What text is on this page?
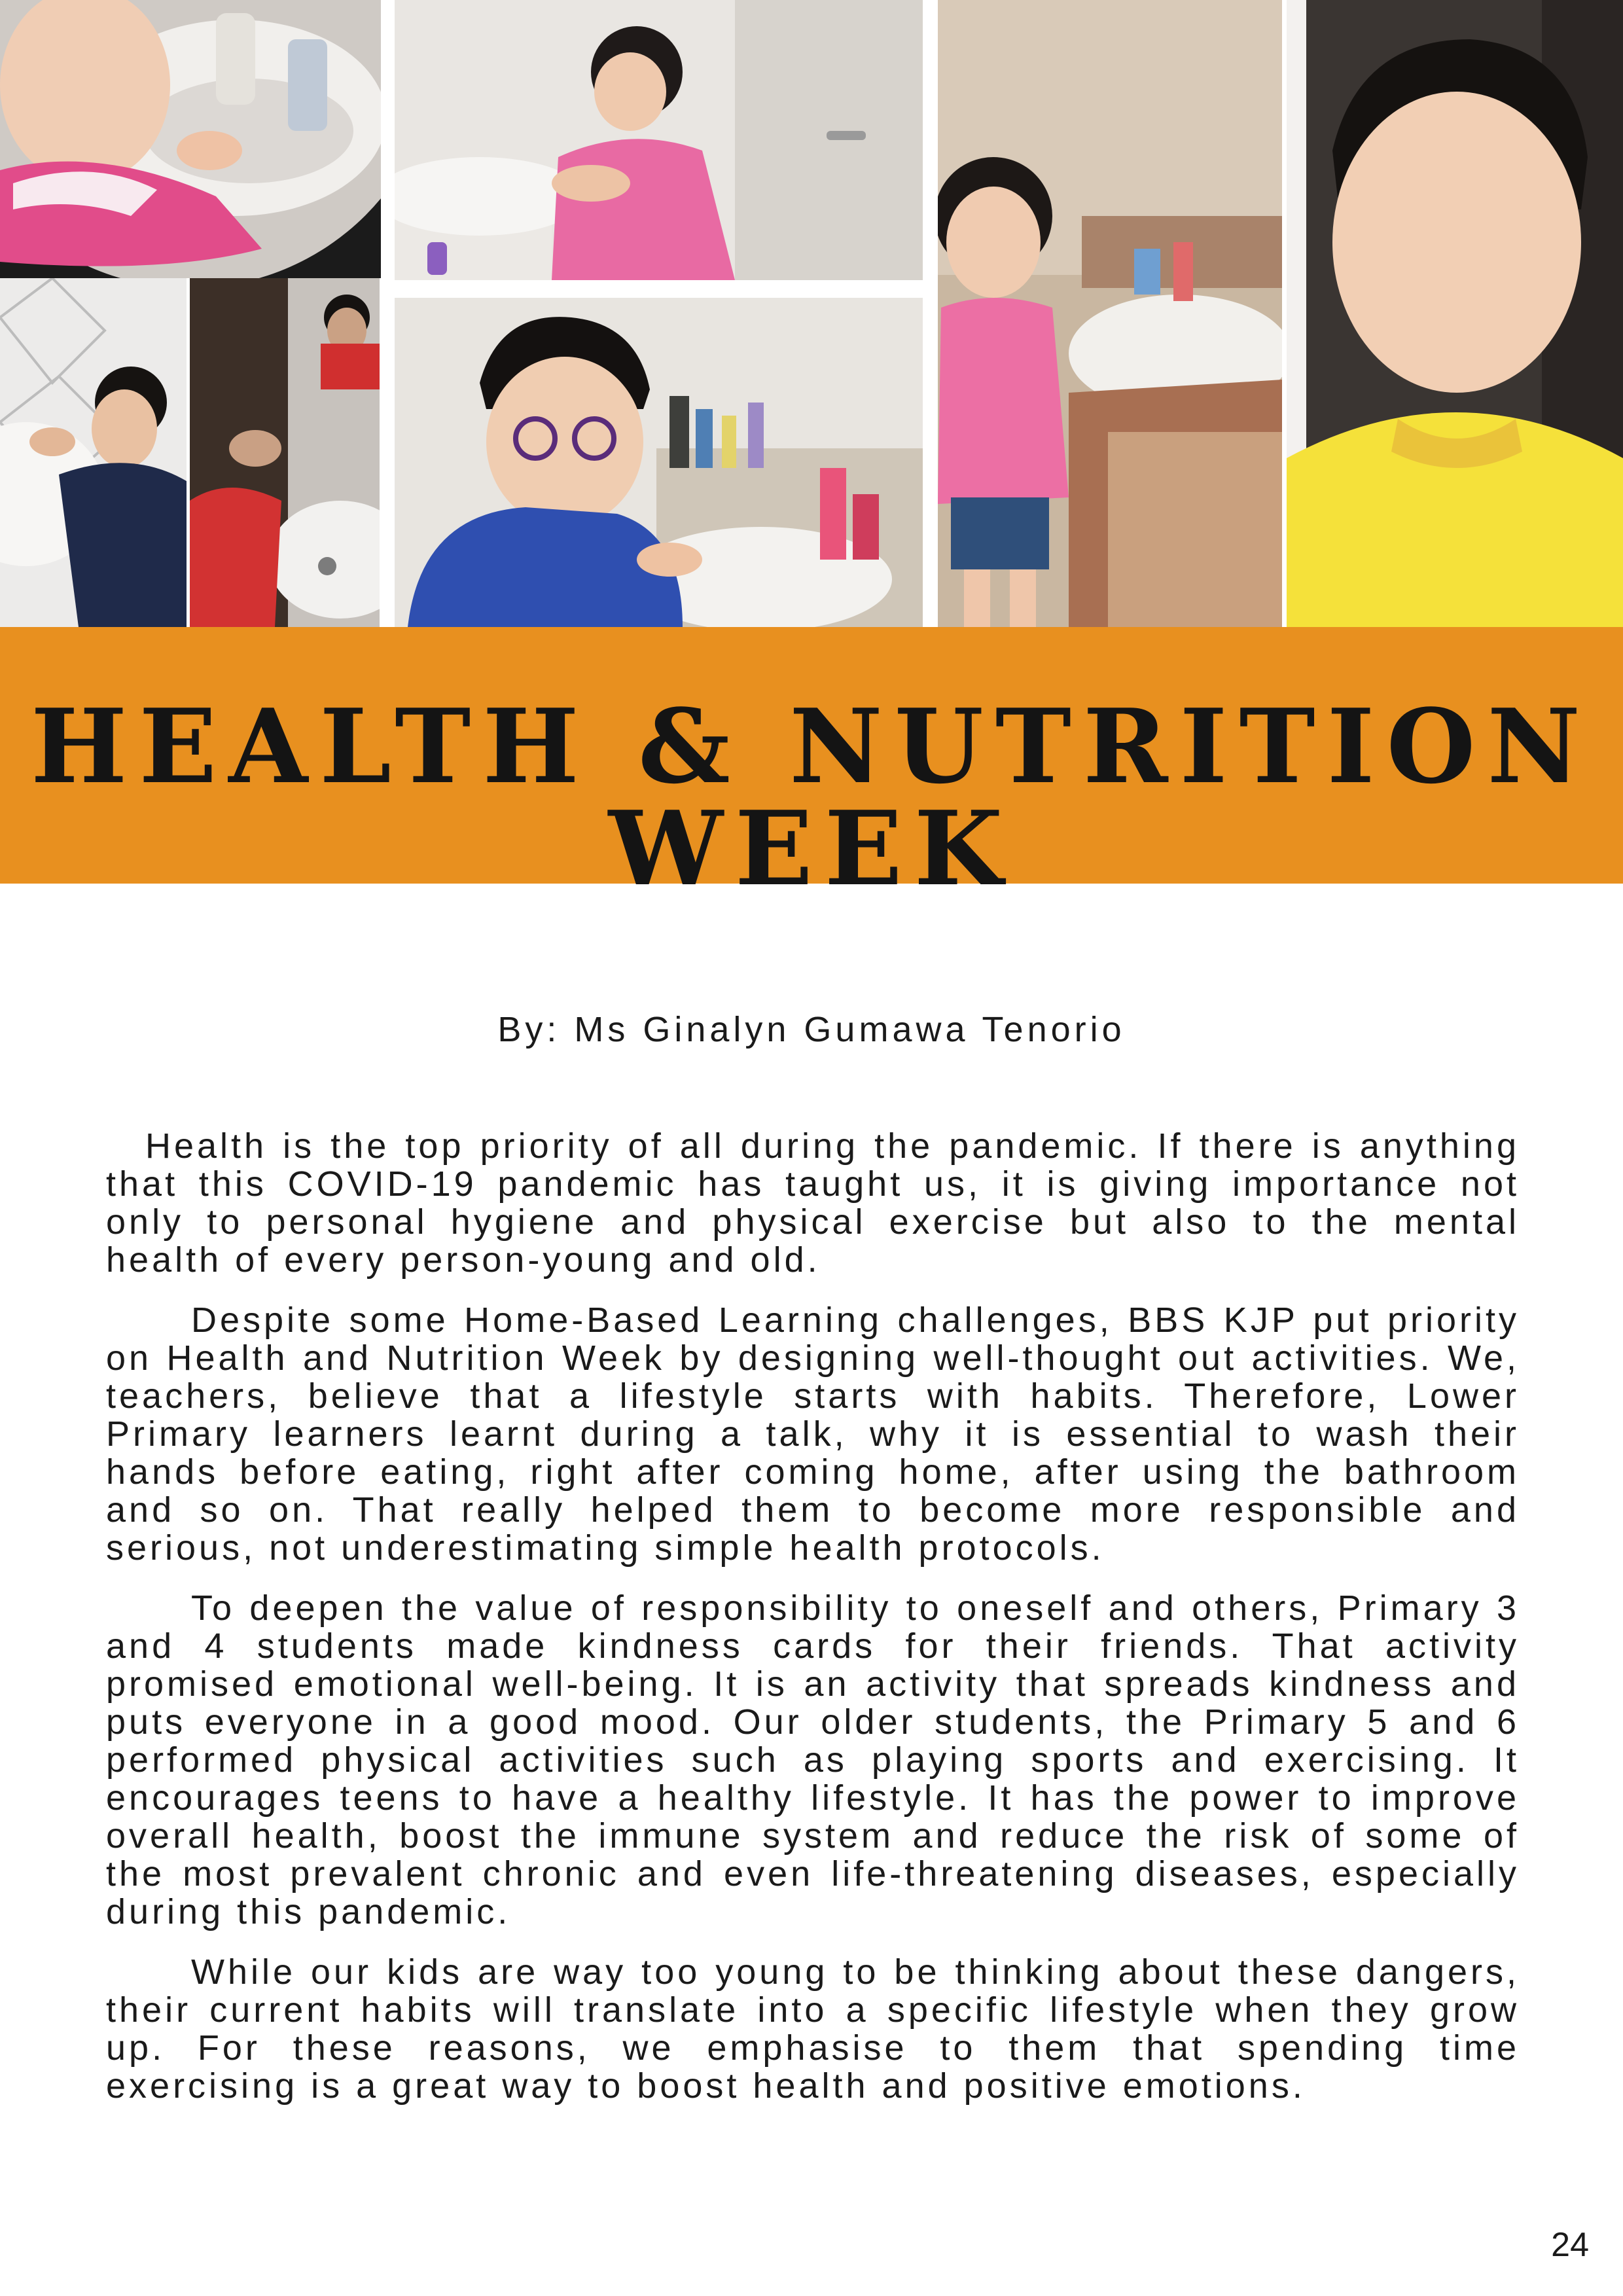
HEALTH & NUTRITION WEEK
By: Ms Ginalyn Gumawa Tenorio

Health is the top priority of all during the pandemic. If there is anything that this COVID-19 pandemic has taught us, it is giving importance not only to personal hygiene and physical exercise but also to the mental health of every person-young and old.

Despite some Home-Based Learning challenges, BBS KJP put priority on Health and Nutrition Week by designing well-thought out activities. We, teachers, believe that a lifestyle starts with habits. Therefore, Lower Primary learners learnt during a talk, why it is essential to wash their hands before eating, right after coming home, after using the bathroom and so on. That really helped them to become more responsible and serious, not underestimating simple health protocols.

To deepen the value of responsibility to oneself and others, Primary 3 and 4 students made kindness cards for their friends. That activity promised emotional well-being. It is an activity that spreads kindness and puts everyone in a good mood. Our older students, the Primary 5 and 6 performed physical activities such as playing sports and exercising. It encourages teens to have a healthy lifestyle. It has the power to improve overall health, boost the immune system and reduce the risk of some of the most prevalent chronic and even life-threatening diseases, especially during this pandemic.

While our kids are way too young to be thinking about these dangers, their current habits will translate into a specific lifestyle when they grow up. For these reasons, we emphasise to them that spending time exercising is a great way to boost health and positive emotions.

24
